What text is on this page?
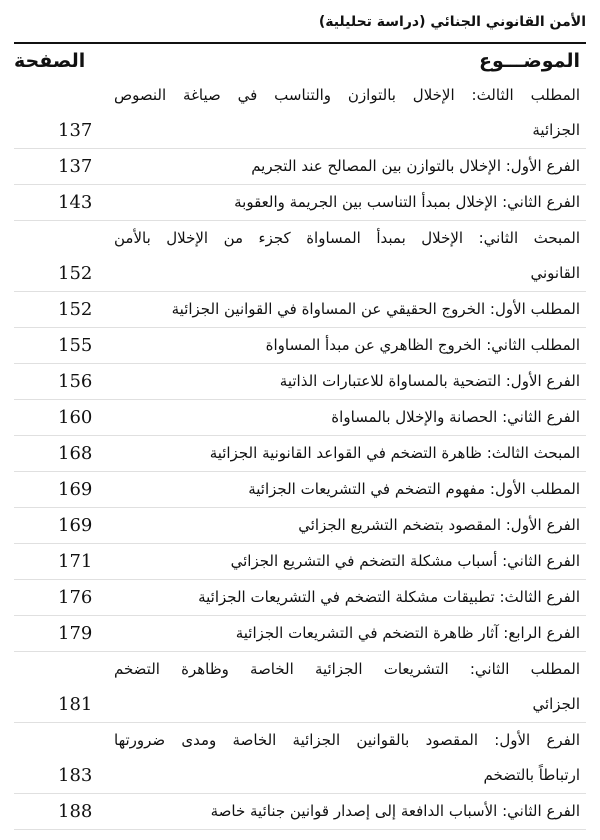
الأمن القانوني الجنائي (دراسة تحليلية)
الموضـــوع
الصفحة
المطلب الثالث: الإخلال بالتوازن والتناسب في صياغة النصوص
الجزائية
137
الفرع الأول: الإخلال بالتوازن بين المصالح عند التجريم
137
الفرع الثاني: الإخلال بمبدأ التناسب بين الجريمة والعقوبة
143
المبحث الثاني: الإخلال بمبدأ المساواة كجزء من الإخلال بالأمن
القانوني
152
المطلب الأول: الخروج الحقيقي عن المساواة في القوانين الجزائية
152
المطلب الثاني: الخروج الظاهري عن مبدأ المساواة
155
الفرع الأول: التضحية بالمساواة للاعتبارات الذاتية
156
الفرع الثاني: الحصانة والإخلال بالمساواة
160
المبحث الثالث: ظاهرة التضخم في القواعد القانونية الجزائية
168
المطلب الأول: مفهوم التضخم في التشريعات الجزائية
169
الفرع الأول: المقصود بتضخم التشريع الجزائي
169
الفرع الثاني: أسباب مشكلة التضخم في التشريع الجزائي
171
الفرع الثالث: تطبيقات مشكلة التضخم في التشريعات الجزائية
176
الفرع الرابع: آثار ظاهرة التضخم في التشريعات الجزائية
179
المطلب الثاني: التشريعات الجزائية الخاصة وظاهرة التضخم
الجزائي
181
الفرع الأول: المقصود بالقوانين الجزائية الخاصة ومدى ضرورتها
ارتباطاً بالتضخم
183
الفرع الثاني: الأسباب الدافعة إلى إصدار قوانين جنائية خاصة
188
